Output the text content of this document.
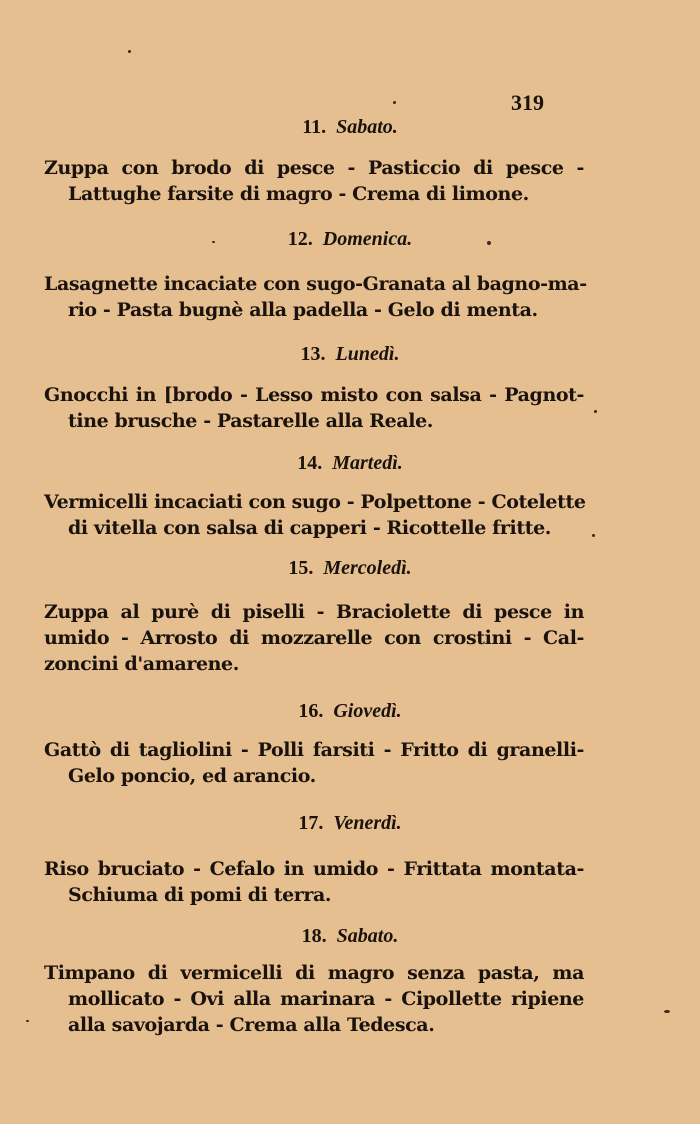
319
11. Sabato.
Zuppa con brodo di pesce - Pasticcio di pesce -
Lattughe farsite di magro - Crema di limone.
12. Domenica.
Lasagnette incaciate con sugo-Granata al bagno-ma-
rio - Pasta bugnè alla padella - Gelo di menta.
13. Lunedì.
Gnocchi in [brodo - Lesso misto con salsa - Pagnot-
tine brusche - Pastarelle alla Reale.
14. Martedì.
Vermicelli incaciati con sugo - Polpettone - Cotelette
di vitella con salsa di capperi - Ricottelle fritte.
15. Mercoledì.
Zuppa al purè di piselli - Braciolette di pesce in
umido - Arrosto di mozzarelle con crostini - Cal-
zoncini d'amarene.
16. Giovedì.
Gattò di tagliolini - Polli farsiti - Fritto di granelli-
Gelo poncio, ed arancio.
17. Venerdì.
Riso bruciato - Cefalo in umido - Frittata montata-
Schiuma di pomi di terra.
18. Sabato.
Timpano di vermicelli di magro senza pasta, ma
mollicato - Ovi alla marinara - Cipollette ripiene
alla savojarda - Crema alla Tedesca.
